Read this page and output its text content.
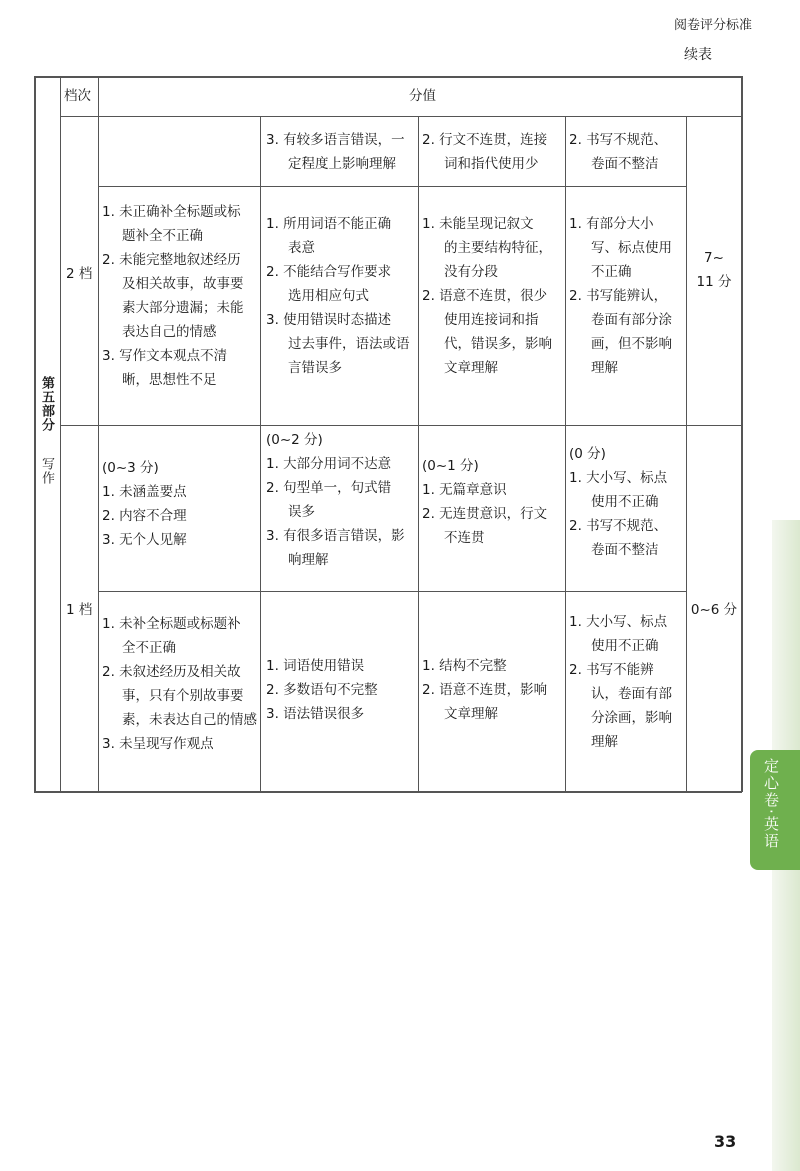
阅卷评分标准
续表
定心卷·英语
第五部分  写作
档次	分值
3. 有较多语言错误，一
定程度上影响理解
2. 行文不连贯，连接
词和指代使用少
2. 书写不规范、
卷面不整洁
2 档
7~
11 分
1. 未正确补全标题或标
题补全不正确
2. 未能完整地叙述经历
及相关故事，故事要
素大部分遗漏；未能
表达自己的情感
3. 写作文本观点不清
晰，思想性不足
1. 所用词语不能正确
表意
2. 不能结合写作要求
选用相应句式
3. 使用错误时态描述
过去事件，语法或语
言错误多
1. 未能呈现记叙文
的主要结构特征，
没有分段
2. 语意不连贯，很少
使用连接词和指
代，错误多，影响
文章理解
1. 有部分大小
写、标点使用
不正确
2. 书写能辨认，
卷面有部分涂
画，但不影响
理解
1 档	0~6 分
(0~3 分)
1. 未涵盖要点
2. 内容不合理
3. 无个人见解
(0~2 分)
1. 大部分用词不达意
2. 句型单一，句式错
误多
3. 有很多语言错误，影
响理解
(0~1 分)
1. 无篇章意识
2. 无连贯意识，行文
不连贯
(0 分)
1. 大小写、标点
使用不正确
2. 书写不规范、
卷面不整洁
1. 未补全标题或标题补
全不正确
2. 未叙述经历及相关故
事，只有个别故事要
素，未表达自己的情感
3. 未呈现写作观点
1. 词语使用错误
2. 多数语句不完整
3. 语法错误很多
1. 结构不完整
2. 语意不连贯，影响
文章理解
1. 大小写、标点
使用不正确
2. 书写不能辨
认，卷面有部
分涂画，影响
理解
33
